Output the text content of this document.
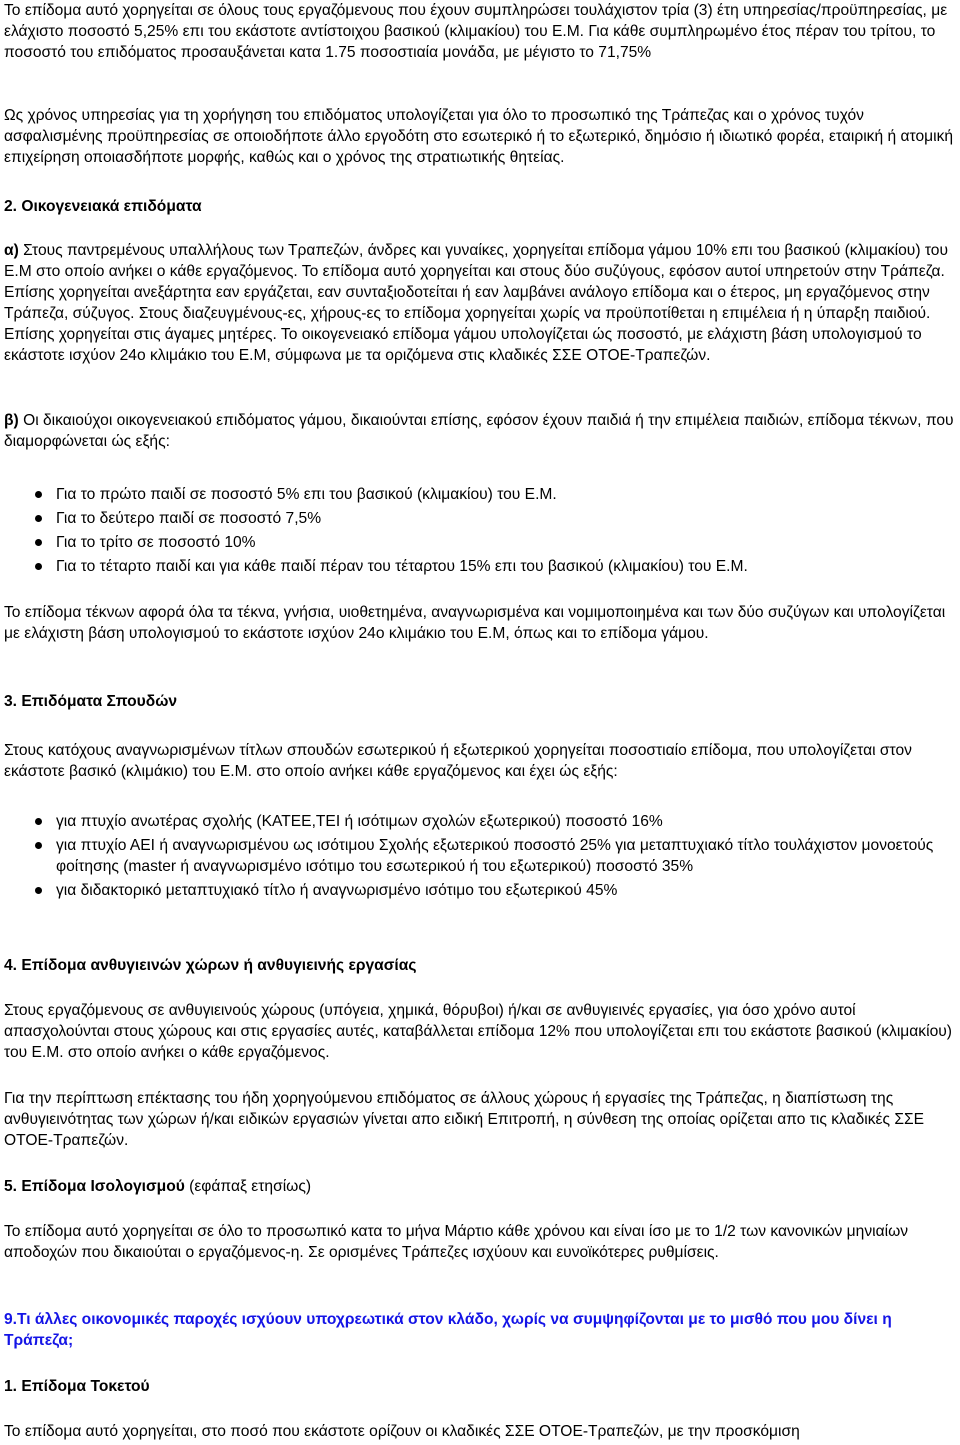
Το επίδομα αυτό χορηγείται σε όλους τους εργαζόμενους που έχουν συμπληρώσει τουλάχιστον τρία (3) έτη υπηρεσίας/προϋπηρεσίας, με ελάχιστο ποσοστό 5,25% επι του εκάστοτε αντίστοιχου βασικού (κλιμακίου) του Ε.Μ. Για κάθε συμπληρωμένο έτος πέραν του τρίτου, το ποσοστό του επιδόματος προσαυξάνεται κατα 1.75 ποσοστιαία μονάδα, με μέγιστο το 71,75%

Ως χρόνος υπηρεσίας για τη χορήγηση του επιδόματος υπολογίζεται για όλο το προσωπικό της Τράπεζας και ο χρόνος τυχόν ασφαλισμένης προϋπηρεσίας σε οποιοδήποτε άλλο εργοδότη στο εσωτερικό ή το εξωτερικό, δημόσιο ή ιδιωτικό φορέα, εταιρική ή ατομική επιχείρηση οποιασδήποτε μορφής, καθώς και ο χρόνος της στρατιωτικής θητείας.

2. Οικογενειακά επιδόματα

α) Στους παντρεμένους υπαλλήλους των Τραπεζών, άνδρες και γυναίκες, χορηγείται επίδομα γάμου 10% επι του βασικού (κλιμακίου) του Ε.Μ στο οποίο ανήκει ο κάθε εργαζόμενος. Το επίδομα αυτό χορηγείται και στους δύο συζύγους, εφόσον αυτοί υπηρετούν στην Τράπεζα. Επίσης χορηγείται ανεξάρτητα εαν εργάζεται, εαν συνταξιοδοτείται ή εαν λαμβάνει ανάλογο επίδομα και ο έτερος, μη εργαζόμενος στην Τράπεζα, σύζυγος. Στους διαζευγμένους-ες, χήρους-ες το επίδομα χορηγείται χωρίς να προϋποτίθεται η επιμέλεια ή η ύπαρξη παιδιού. Επίσης χορηγείται στις άγαμες μητέρες. Το οικογενειακό επίδομα γάμου υπολογίζεται ώς ποσοστό, με ελάχιστη βάση υπολογισμού το εκάστοτε ισχύον 24ο κλιμάκιο του Ε.Μ, σύμφωνα με τα οριζόμενα στις κλαδικές ΣΣΕ ΟΤΟΕ-Τραπεζών.

β) Οι δικαιούχοι οικογενειακού επιδόματος γάμου, δικαιούνται επίσης, εφόσον έχουν παιδιά ή την επιμέλεια παιδιών, επίδομα τέκνων, που διαμορφώνεται ώς εξής:

Για το πρώτο παιδί σε ποσοστό 5% επι του βασικού (κλιμακίου) του Ε.Μ.
Για το δεύτερο παιδί σε ποσοστό 7,5%
Για το τρίτο σε ποσοστό 10%
Για το τέταρτο παιδί και για κάθε παιδί πέραν του τέταρτου 15% επι του βασικού (κλιμακίου) του Ε.Μ.

Το επίδομα τέκνων αφορά όλα τα τέκνα, γνήσια, υιοθετημένα, αναγνωρισμένα και νομιμοποιημένα και των δύο συζύγων και υπολογίζεται με ελάχιστη βάση υπολογισμού το εκάστοτε ισχύον 24ο κλιμάκιο του Ε.Μ, όπως και το επίδομα γάμου.

3. Επιδόματα Σπουδών

Στους κατόχους αναγνωρισμένων τίτλων σπουδών εσωτερικού ή εξωτερικού χορηγείται ποσοστιαίο επίδομα, που υπολογίζεται στον εκάστοτε βασικό (κλιμάκιο) του Ε.Μ. στο οποίο ανήκει κάθε εργαζόμενος και έχει ώς εξής:

για πτυχίο ανωτέρας σχολής (ΚΑΤΕΕ,ΤΕΙ ή ισότιμων σχολών εξωτερικού) ποσοστό 16%
για πτυχίο ΑΕΙ ή αναγνωρισμένου ως ισότιμου Σχολής εξωτερικού ποσοστό 25% για μεταπτυχιακό τίτλο τουλάχιστον μονοετούς φοίτησης (master ή αναγνωρισμένο ισότιμο του εσωτερικού ή του εξωτερικού) ποσοστό 35%
για διδακτορικό μεταπτυχιακό τίτλο ή αναγνωρισμένο ισότιμο του εξωτερικού 45%

4. Επίδομα ανθυγιεινών χώρων ή ανθυγιεινής εργασίας

Στους εργαζόμενους σε ανθυγιεινούς χώρους (υπόγεια, χημικά, θόρυβοι) ή/και σε ανθυγιεινές εργασίες, για όσο χρόνο αυτοί απασχολούνται στους χώρους και στις εργασίες αυτές, καταβάλλεται επίδομα 12% που υπολογίζεται επι του εκάστοτε βασικού (κλιμακίου) του Ε.Μ. στο οποίο ανήκει ο κάθε εργαζόμενος.

Για την περίπτωση επέκτασης του ήδη χορηγούμενου επιδόματος σε άλλους χώρους ή εργασίες της Τράπεζας, η διαπίστωση της ανθυγιεινότητας των χώρων ή/και ειδικών εργασιών γίνεται απο ειδική Επιτροπή, η σύνθεση της οποίας ορίζεται απο τις κλαδικές ΣΣΕ ΟΤΟΕ-Τραπεζών.

5. Επίδομα Ισολογισμού (εφάπαξ ετησίως)

Το επίδομα αυτό χορηγείται σε όλο το προσωπικό κατα το μήνα Μάρτιο κάθε χρόνου και είναι ίσο με το 1/2 των κανονικών μηνιαίων αποδοχών που δικαιούται ο εργαζόμενος-η. Σε ορισμένες Τράπεζες ισχύουν και ευνοϊκότερες ρυθμίσεις.

9.Τι άλλες οικονομικές παροχές ισχύουν υποχρεωτικά στον κλάδο, χωρίς να συμψηφίζονται με το μισθό που μου δίνει η Τράπεζα;

1. Επίδομα Τοκετού

Το επίδομα αυτό χορηγείται, στο ποσό που εκάστοτε ορίζουν οι κλαδικές ΣΣΕ ΟΤΟΕ-Τραπεζών, με την προσκόμιση
